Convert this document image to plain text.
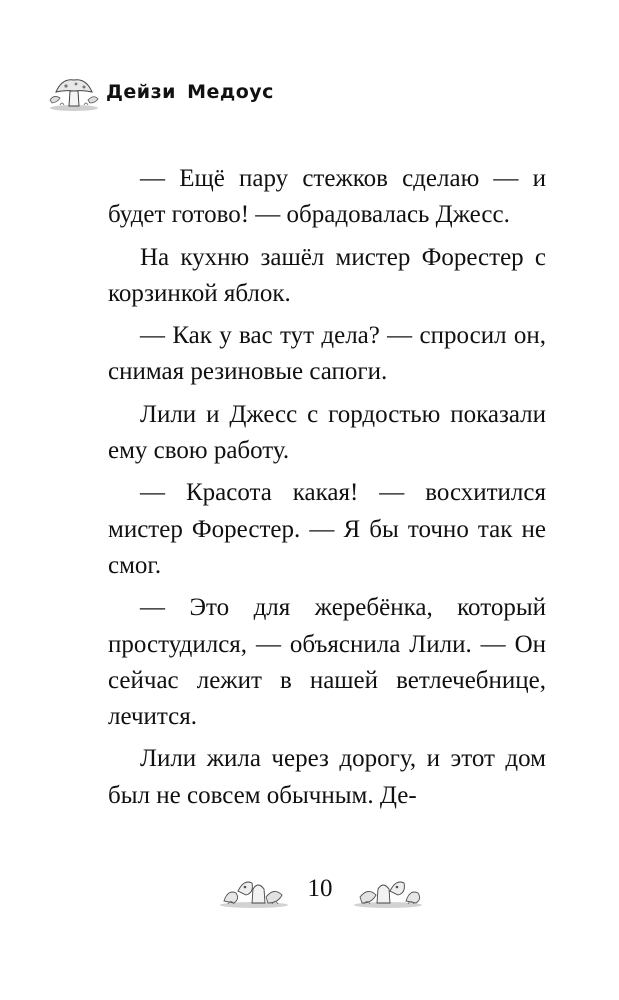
Дейзи Медоус

— Ещё пару стежков сделаю — и будет готово! — обрадовалась Джесс.

На кухню зашёл мистер Форестер с корзинкой яблок.

— Как у вас тут дела? — спросил он, снимая резиновые сапоги.

Лили и Джесс с гордостью показали ему свою работу.

— Красота какая! — восхитился мистер Форестер. — Я бы точно так не смог.

— Это для жеребёнка, который простудился, — объяснила Лили. — Он сейчас лежит в нашей ветлечебнице, лечится.

Лили жила через дорогу, и этот дом был не совсем обычным. Де-

10
